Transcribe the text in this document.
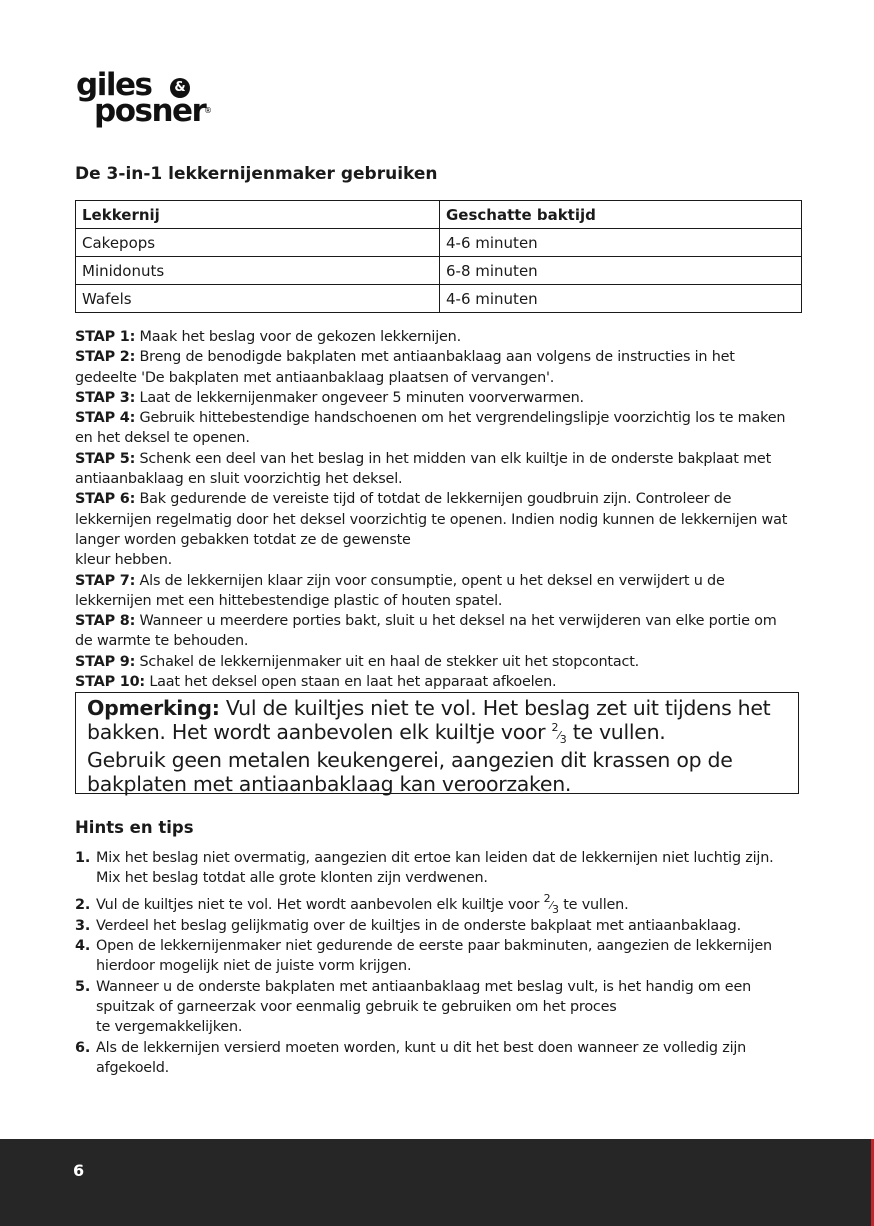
giles	&
posner
®
De 3-in-1 lekkernijenmaker gebruiken
Lekkernij	Geschatte baktijd
Cakepops	4-6 minuten
Minidonuts	6-8 minuten
Wafels	4-6 minuten

STAP 1: Maak het beslag voor de gekozen lekkernijen.

STAP 2: Breng de benodigde bakplaten met antiaanbaklaag aan volgens de instructies in het gedeelte 'De bakplaten met antiaanbaklaag plaatsen of vervangen'.

STAP 3: Laat de lekkernijenmaker ongeveer 5 minuten voorverwarmen.

STAP 4: Gebruik hittebestendige handschoenen om het vergrendelingslipje voorzichtig los te maken en het deksel te openen.

STAP 5: Schenk een deel van het beslag in het midden van elk kuiltje in de onderste bakplaat met antiaanbaklaag en sluit voorzichtig het deksel.

STAP 6: Bak gedurende de vereiste tijd of totdat de lekkernijen goudbruin zijn. Controleer de lekkernijen regelmatig door het deksel voorzichtig te openen. Indien nodig kunnen de lekkernijen wat langer worden gebakken totdat ze de gewenste
kleur hebben.

STAP 7: Als de lekkernijen klaar zijn voor consumptie, opent u het deksel en verwijdert u de lekkernijen met een hittebestendige plastic of houten spatel.

STAP 8: Wanneer u meerdere porties bakt, sluit u het deksel na het verwijderen van elke portie om de warmte te behouden.

STAP 9: Schakel de lekkernijenmaker uit en haal de stekker uit het stopcontact.

STAP 10: Laat het deksel open staan en laat het apparaat afkoelen.

Opmerking: Vul de kuiltjes niet te vol. Het beslag zet uit tijdens het bakken. Het wordt aanbevolen elk kuiltje voor 2⁄3 te vullen.
Gebruik geen metalen keukengerei, aangezien dit krassen op de bakplaten met antiaanbaklaag kan veroorzaken.
Hints en tips
1. Mix het beslag niet overmatig, aangezien dit ertoe kan leiden dat de lekkernijen niet luchtig zijn. Mix het beslag totdat alle grote klonten zijn verdwenen.
2. Vul de kuiltjes niet te vol. Het wordt aanbevolen elk kuiltje voor 2⁄3 te vullen.
3. Verdeel het beslag gelijkmatig over de kuiltjes in de onderste bakplaat met antiaanbaklaag.
4. Open de lekkernijenmaker niet gedurende de eerste paar bakminuten, aangezien de lekkernijen hierdoor mogelijk niet de juiste vorm krijgen.
5. Wanneer u de onderste bakplaten met antiaanbaklaag met beslag vult, is het handig om een spuitzak of garneerzak voor eenmalig gebruik te gebruiken om het proces
te vergemakkelijken.
6. Als de lekkernijen versierd moeten worden, kunt u dit het best doen wanneer ze volledig zijn afgekoeld.
6
